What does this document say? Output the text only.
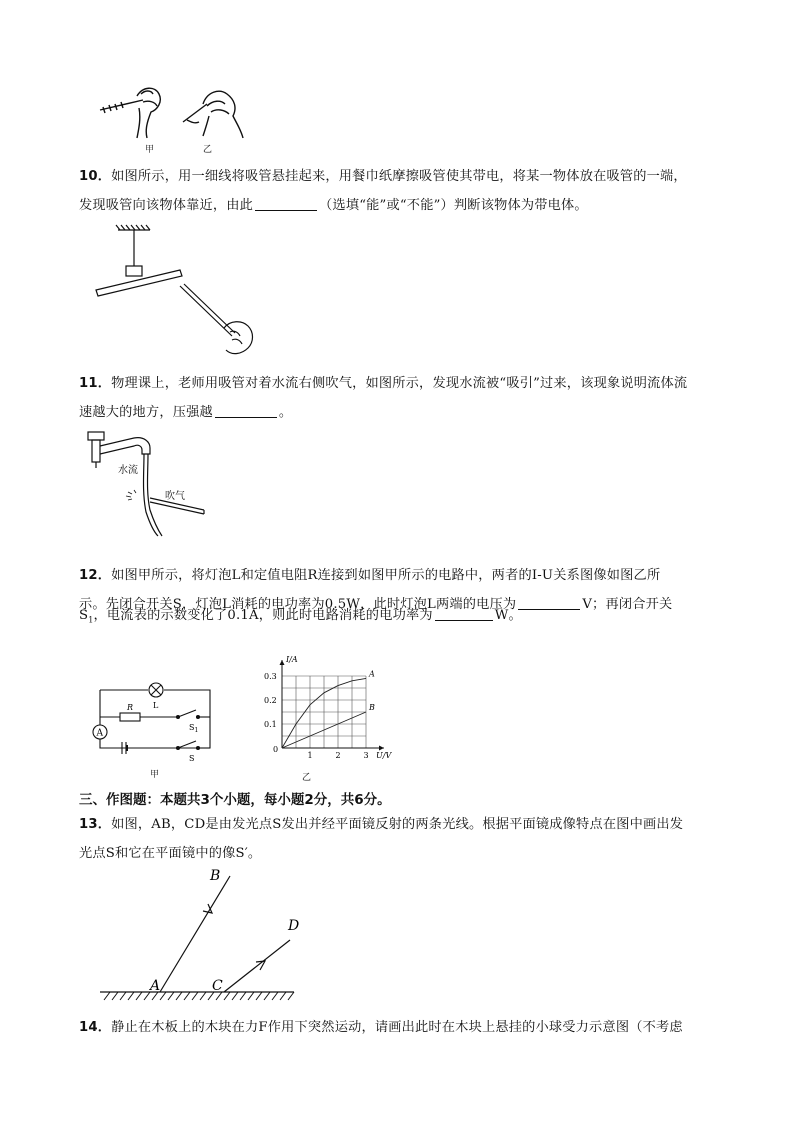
甲	乙
10．如图所示，用一细线将吸管悬挂起来，用餐巾纸摩擦吸管使其带电，将某一物体放在吸管的一端，
发现吸管向该物体靠近，由此	（选填“能”或“不能”）判断该物体为带电体。
11．物理课上，老师用吸管对着水流右侧吹气，如图所示，发现水流被“吸引”过来，该现象说明流体流
速越大的地方，压强越	。
水流
吹气
12．如图甲所示，将灯泡L和定值电阻R连接到如图甲所示的电路中，两者的I-U关系图像如图乙所
示。先闭合开关S，灯泡L消耗的电功率为0.5W，此时灯泡L两端的电压为	V；再闭合开关
$S_1$，电流表的示数变化了0.1A，则此时电路消耗的电功率为	W。
A
L
R
$S_1$
S
甲
1	2	3
0.1
0.2
0.3
0
U/V
I/A
A
B
乙
三、作图题：本题共3个小题，每小题2分，共6分。
13．如图，AB，CD是由发光点S发出并经平面镜反射的两条光线。根据平面镜成像特点在图中画出发
光点S和它在平面镜中的像S′。
A
B
C
D
14．静止在木板上的木块在力F作用下突然运动，请画出此时在木块上悬挂的小球受力示意图（不考虑
